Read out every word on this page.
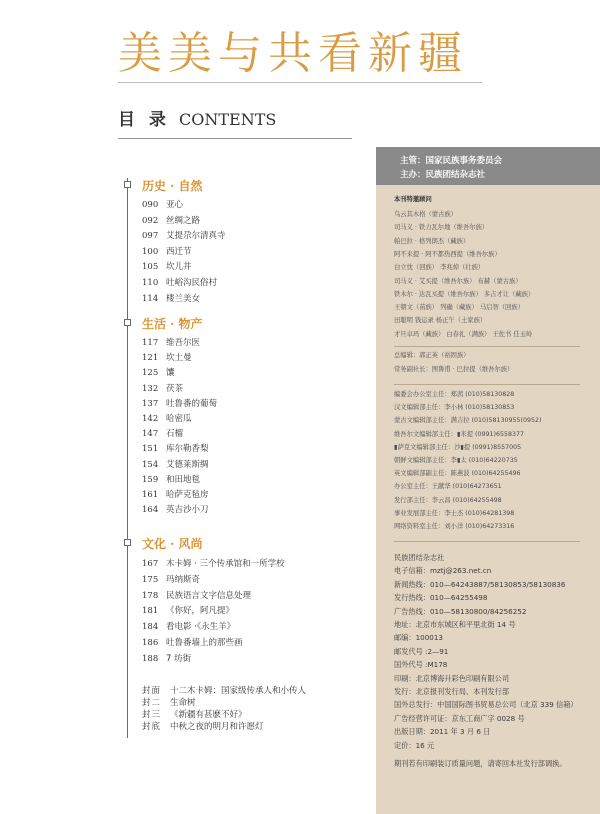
美美与共看新疆
目 录 CONTENTS
历史 · 自然
090 亚心
092 丝绸之路
097 艾提尕尔清真寺
100 西迁节
105 坎儿井
110 吐峪沟民俗村
114 楼兰美女
生活 · 物产
117 维吾尔医
121 坎土曼
125 馕
132 茯茶
137 吐鲁番的葡萄
142 哈密瓜
147 石榴
151 库尔勒香梨
154 艾德莱斯绸
159 和田地毯
161 哈萨克毡房
164 英吉沙小刀
文化 · 风尚
167 木卡姆 · 三个传承馆和一所学校
175 玛纳斯奇
178 民族语言文字信息处理
181 《你好，阿凡提》
184 看电影 ·《永生羊》
186 吐鲁番墙上的那些画
188 7 坊街
封面 十二木卡姆：国家级传承人和小传人
封二 生命树
封三 《新疆有甚麽不好》
封底 中秋之夜的明月和许愿灯
主管：国家民族事务委员会
主办：民族团结杂志社
本刊特邀顾问
乌云其木格（蒙古族）
司马义 · 铁力瓦尔地（维吾尔族）
帕巴拉 · 格列朗杰（藏族）
阿不来提 · 阿不都热西提（维吾尔族）
白立忱（回族） 李兆焯（壮族）
司马义 · 艾买提（维吾尔族） 布赫（蒙古族）
铁木尔 · 达瓦买提（维吾尔族） 多吉才让（藏族）
王朝文（苗族） 列确（藏族） 马启智（回族）
田聪明 钱运录 杨正午（土家族）
才旦卓玛（藏族） 白春礼（满族） 王佐书 任玉岭
总编辑：郭正英（裕固族）
常务副社长：图鲁甫 · 巴拉提（维吾尔族）
编委会办公室主任：郑茜 (010)58130828
汉文编辑部主任：李小林 (010)58130853
蒙古文编辑部主任：满吉拉 (010)58130955(0952)
维吾尔文编辑部主任：▮米提 (0991)6558377
▮萨克文编辑部主任：沙▮提 (0991)8557005
朝鲜文编辑部主任：李▮太 (010)64220735
英文编辑部副主任：陈燕波 (010)64255496
办公室主任：王献华 (010)64273651
发行部主任：李云昌 (010)64255498
事业发展部主任：李士杰 (010)64281398
网络资料室主任：刘小洋 (010)64273316
民族团结杂志社
电子信箱：mztj@263.net.cn
新闻热线：010—64243887/58130853/58130836
发行热线：010—64255498
广告热线：010—58130800/84256252
地址：北京市东城区和平里北街 14 号
邮编：100013
邮发代号 :2—91
国外代号 :M178
印刷：北京博海升彩色印刷有限公司
发行：北京报刊发行局、本刊发行部
国外总发行：中国国际图书贸易总公司（北京 339 信箱）
广告经营许可证：京东工商广字 0028 号
出版日期：2011 年 3 月 6 日
定价：16 元
期刊若有印刷装订质量问题，请寄回本社发行部调换。
